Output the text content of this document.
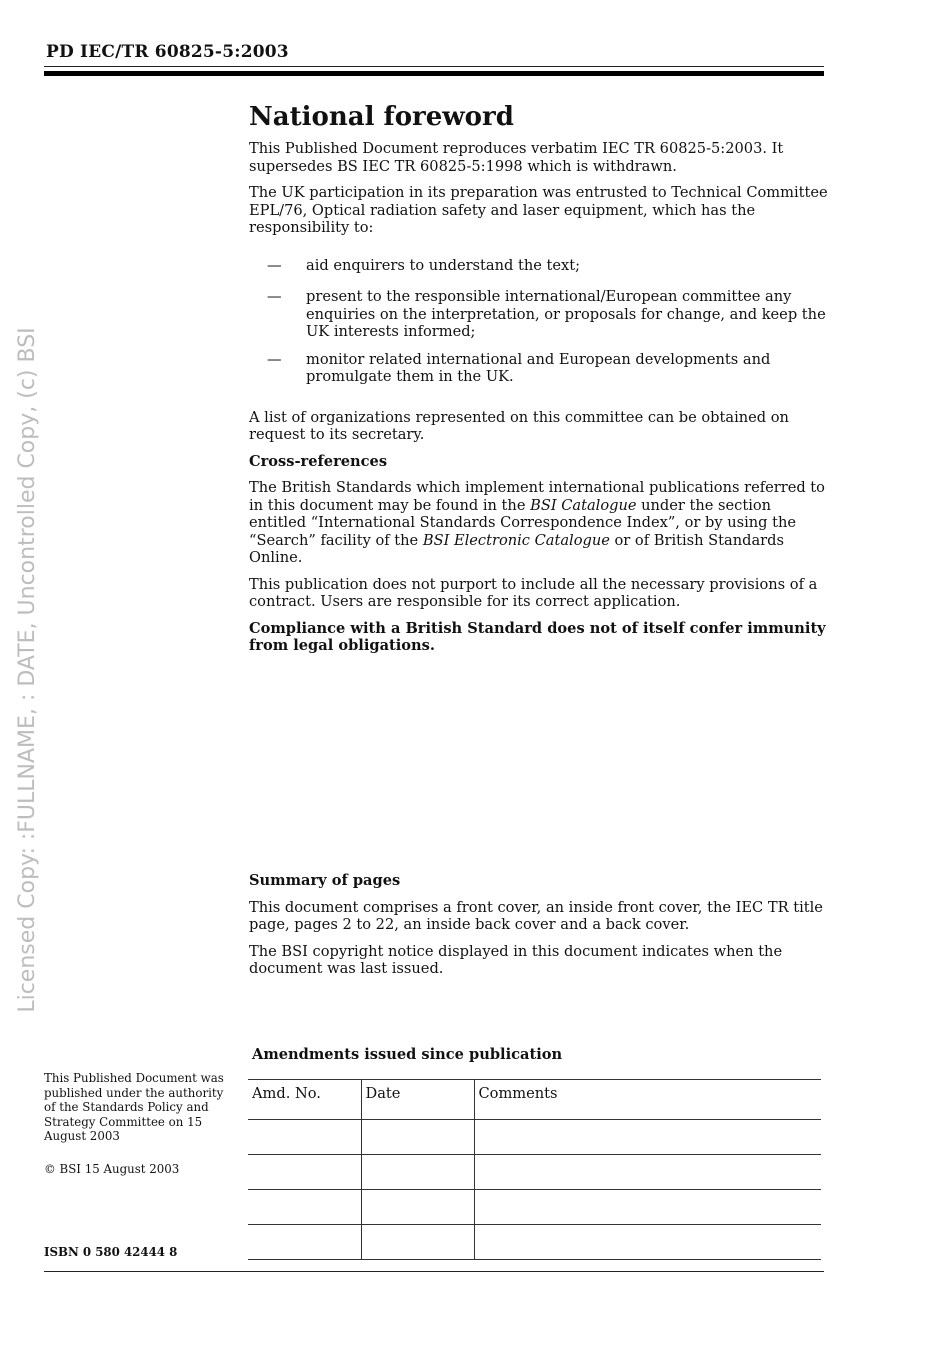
PD IEC/TR 60825-5:2003
Licensed Copy: :FULLNAME, : DATE, Uncontrolled Copy, (c) BSI
National foreword

This Published Document reproduces verbatim IEC TR 60825-5:2003. It supersedes BS IEC TR 60825-5:1998 which is withdrawn.

The UK participation in its preparation was entrusted to Technical Committee EPL/76, Optical radiation safety and laser equipment, which has the responsibility to:

— aid enquirers to understand the text;
— present to the responsible international/European committee any enquiries on the interpretation, or proposals for change, and keep the UK interests informed;
— monitor related international and European developments and promulgate them in the UK.

A list of organizations represented on this committee can be obtained on request to its secretary.

Cross-references

The British Standards which implement international publications referred to in this document may be found in the BSI Catalogue under the section entitled “International Standards Correspondence Index”, or by using the “Search” facility of the BSI Electronic Catalogue or of British Standards Online.

This publication does not purport to include all the necessary provisions of a contract. Users are responsible for its correct application.

Compliance with a British Standard does not of itself confer immunity from legal obligations.

Summary of pages

This document comprises a front cover, an inside front cover, the IEC TR title page, pages 2 to 22, an inside back cover and a back cover.

The BSI copyright notice displayed in this document indicates when the document was last issued.

This Published Document was published under the authority of the Standards Policy and Strategy Committee on 15 August 2003
© BSI 15 August 2003
ISBN 0 580 42444 8
Amendments issued since publication
Amd. No.	Date	Comments
